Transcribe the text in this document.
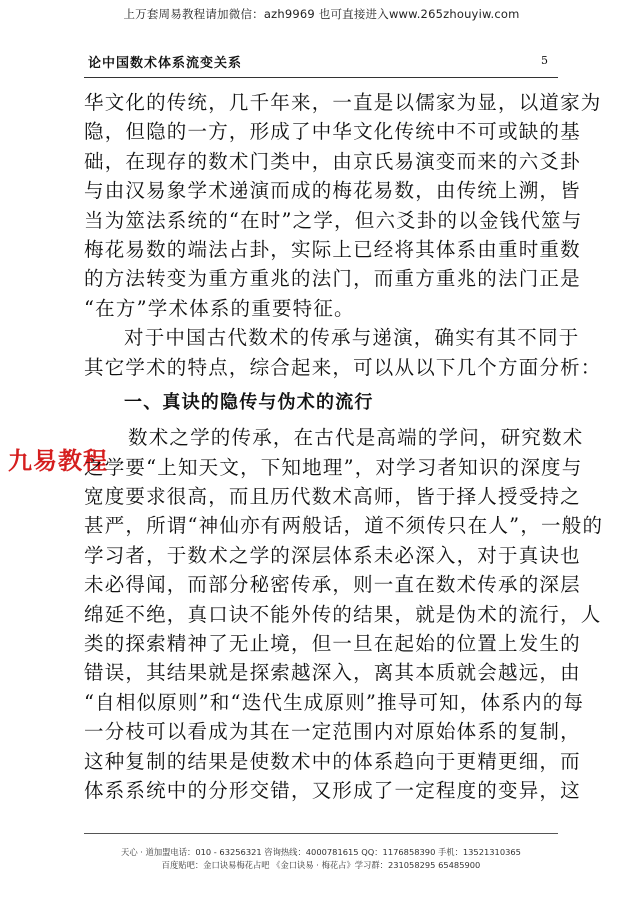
上万套周易教程请加微信：azh9969 也可直接进入www.265zhouyiw.com
论中国数术体系流变关系	5
九易教程
华文化的传统，几千年来，一直是以儒家为显，以道家为
隐，但隐的一方，形成了中华文化传统中不可或缺的基
础，在现存的数术门类中，由京氏易演变而来的六爻卦
与由汉易象学术递演而成的梅花易数，由传统上溯，皆
当为筮法系统的“在时”之学，但六爻卦的以金钱代筮与
梅花易数的端法占卦，实际上已经将其体系由重时重数
的方法转变为重方重兆的法门，而重方重兆的法门正是
“在方”学术体系的重要特征。
对于中国古代数术的传承与递演，确实有其不同于
其它学术的特点，综合起来，可以从以下几个方面分析：
一、真诀的隐传与伪术的流行
数术之学的传承，在古代是高端的学问，研究数术
之学要“上知天文，下知地理”，对学习者知识的深度与
宽度要求很高，而且历代数术高师，皆于择人授受持之
甚严，所谓“神仙亦有两般话，道不须传只在人”，一般的
学习者，于数术之学的深层体系未必深入，对于真诀也
未必得闻，而部分秘密传承，则一直在数术传承的深层
绵延不绝，真口诀不能外传的结果，就是伪术的流行，人
类的探索精神了无止境，但一旦在起始的位置上发生的
错误，其结果就是探索越深入，离其本质就会越远，由
“自相似原则”和“迭代生成原则”推导可知，体系内的每
一分枝可以看成为其在一定范围内对原始体系的复制，
这种复制的结果是使数术中的体系趋向于更精更细，而
体系系统中的分形交错，又形成了一定程度的变异，这
天心 · 道加盟电话：010 - 63256321 咨询热线：4000781615 QQ：1176858390 手机：13521310365
百度贴吧：金口诀易梅花占吧 《金口诀易 · 梅花占》学习群：231058295 65485900
